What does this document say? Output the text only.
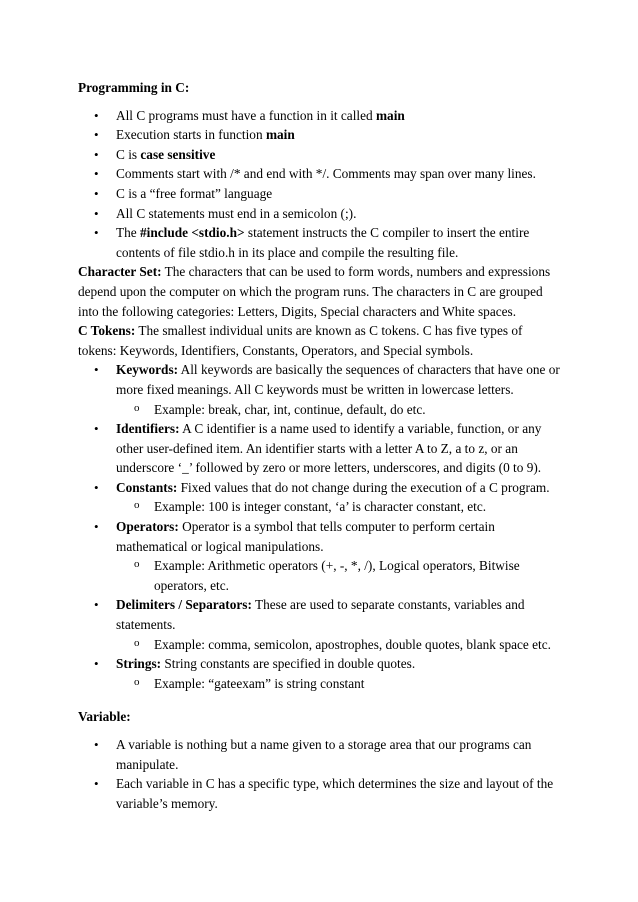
Programming in C:

• All C programs must have a function in it called main
• Execution starts in function main
• C is case sensitive
• Comments start with /* and end with */. Comments may span over many lines.
• C is a “free format” language
• All C statements must end in a semicolon (;).
• The #include <stdio.h> statement instructs the C compiler to insert the entire contents of file stdio.h in its place and compile the resulting file.

Character Set: The characters that can be used to form words, numbers and expressions depend upon the computer on which the program runs. The characters in C are grouped into the following categories: Letters, Digits, Special characters and White spaces.

C Tokens: The smallest individual units are known as C tokens. C has five types of tokens: Keywords, Identifiers, Constants, Operators, and Special symbols.

• Keywords: All keywords are basically the sequences of characters that have one or more fixed meanings. All C keywords must be written in lowercase letters.
o Example: break, char, int, continue, default, do etc.
• Identifiers: A C identifier is a name used to identify a variable, function, or any other user-defined item. An identifier starts with a letter A to Z, a to z, or an underscore ‘_’ followed by zero or more letters, underscores, and digits (0 to 9).
• Constants: Fixed values that do not change during the execution of a C program.
o Example: 100 is integer constant, ‘a’ is character constant, etc.
• Operators: Operator is a symbol that tells computer to perform certain mathematical or logical manipulations.
o Example: Arithmetic operators (+, -, *, /), Logical operators, Bitwise operators, etc.
• Delimiters / Separators: These are used to separate constants, variables and statements.
o Example: comma, semicolon, apostrophes, double quotes, blank space etc.
• Strings: String constants are specified in double quotes.
o Example: “gateexam” is string constant

Variable:

• A variable is nothing but a name given to a storage area that our programs can manipulate.
• Each variable in C has a specific type, which determines the size and layout of the variable’s memory.
